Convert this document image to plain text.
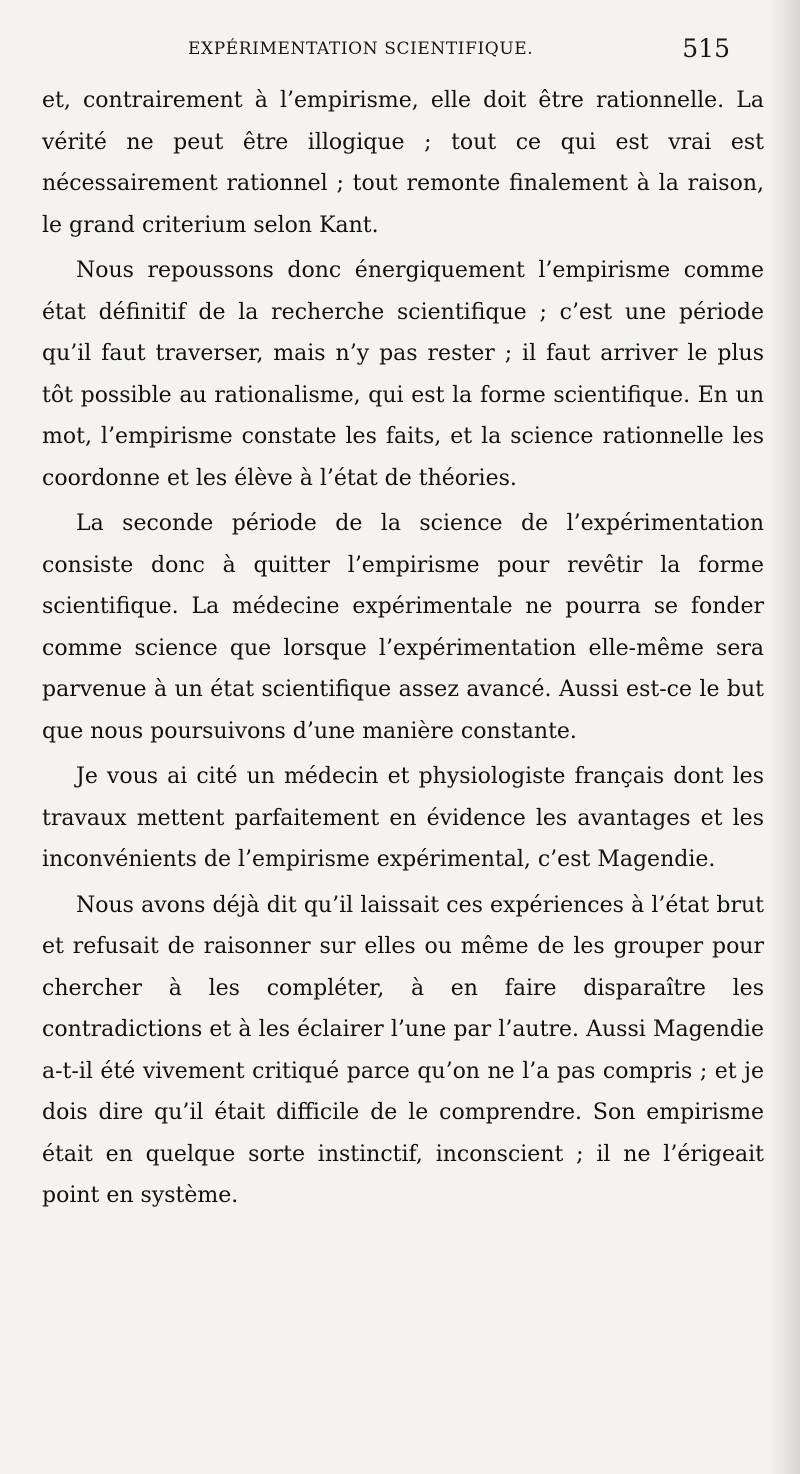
EXPÉRIMENTATION SCIENTIFIQUE.	515

et, contrairement à l’empirisme, elle doit être rationnelle. La vérité ne peut être illogique ; tout ce qui est vrai est nécessairement rationnel ; tout remonte finalement à la raison, le grand criterium selon Kant.

Nous repoussons donc énergiquement l’empirisme comme état définitif de la recherche scientifique ; c’est une période qu’il faut traverser, mais n’y pas rester ; il faut arriver le plus tôt possible au rationalisme, qui est la forme scientifique. En un mot, l’empirisme constate les faits, et la science rationnelle les coordonne et les élève à l’état de théories.

La seconde période de la science de l’expérimentation consiste donc à quitter l’empirisme pour revêtir la forme scientifique. La médecine expérimentale ne pourra se fonder comme science que lorsque l’expérimentation elle-même sera parvenue à un état scientifique assez avancé. Aussi est-ce le but que nous poursuivons d’une manière constante.

Je vous ai cité un médecin et physiologiste français dont les travaux mettent parfaitement en évidence les avantages et les inconvénients de l’empirisme expérimental, c’est Magendie.

Nous avons déjà dit qu’il laissait ces expériences à l’état brut et refusait de raisonner sur elles ou même de les grouper pour chercher à les compléter, à en faire disparaître les contradictions et à les éclairer l’une par l’autre. Aussi Magendie a-t-il été vivement critiqué parce qu’on ne l’a pas compris ; et je dois dire qu’il était difficile de le comprendre. Son empirisme était en quelque sorte instinctif, inconscient ; il ne l’érigeait point en système.
